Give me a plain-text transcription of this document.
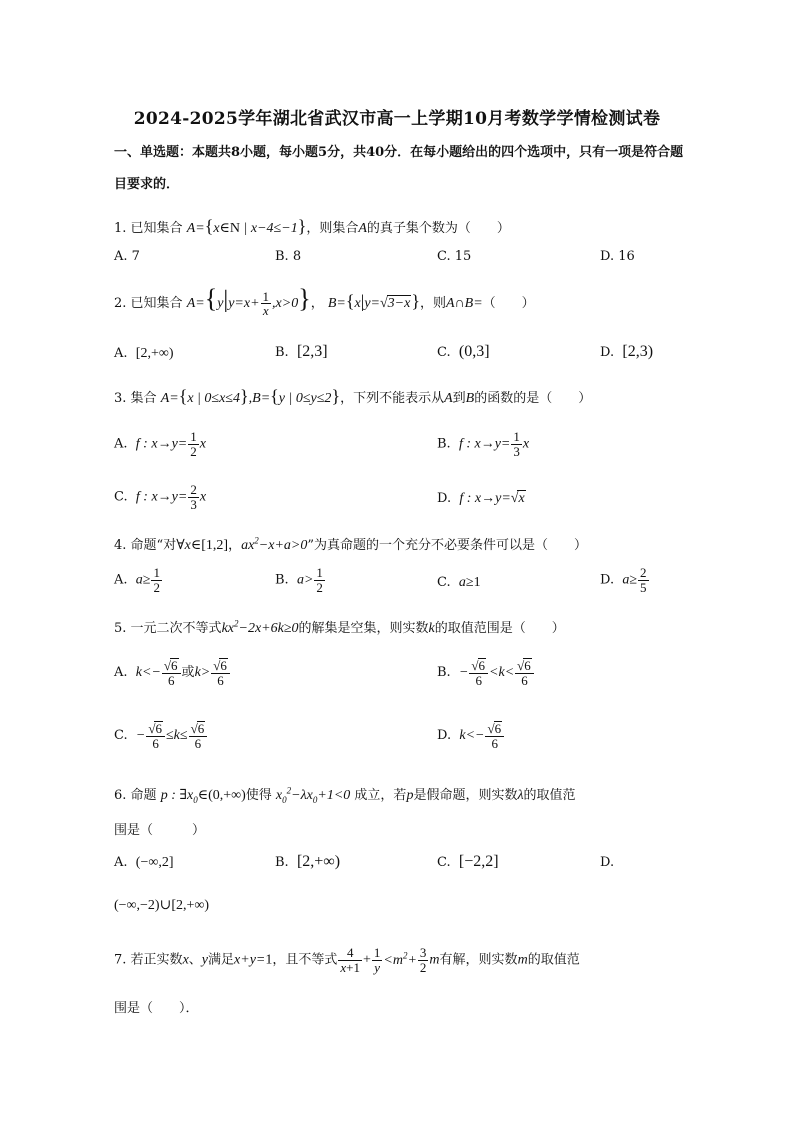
2024-2025学年湖北省武汉市高一上学期10月考数学学情检测试卷
一、单选题：本题共8小题，每小题5分，共40分．在每小题给出的四个选项中，只有一项是符合题目要求的．
1. 已知集合 A={x∈N | x−4≤−1}，则集合A的真子集个数为（　　）
A. 7	B. 8	C. 15	D. 16
2. 已知集合 $A=\{y|y=x+ \frac{1}{x} ,x>0\}$， B={x|y=√3−x}，则A∩B=（　　）
A. [2,+∞)	B. [2,3]	C. (0,3]	D. [2,3)
3. 集合 A={x | 0≤x≤4},B={y | 0≤y≤2}，下列不能表示从A到B的函数的是（　　）
A. f : $x\to y= \frac{1}{2}$ x	B. f : $x\to y= \frac{1}{3}$ x
C. f : $x\to y= \frac{2}{3}$ x	D. f : x→y=√x
4. 命题“对∀x∈[1,2]，$ax^2-x+a>0$”为真命题的一个充分不必要条件可以是（　　）
A. $a\ge \frac{1}{2}$	B. $a> \frac{1}{2}$	C. a≥1	D. $a\ge \frac{2}{5}$
5. 一元二次不等式$kx^2-2x+6k\ge 0$的解集是空集，则实数k的取值范围是（　　）
A. $k<- \frac{√6}{6}$ 或$k> \frac{√6}{6}$	B. − $\frac{√6}{6} <k< \frac{√6}{6}$
C. − $\frac{√6}{6} \le k\le \frac{√6}{6}$	D. $k<- \frac{√6}{6}$
6. 命题 p : $\exists x_0\in(0,+\infty)$使得 $x_0^2-\lambda x_0+1<0$ 成立，若p是假命题，则实数λ的取值范
围是（　　　）
A. (−∞,2]	B. [2,+∞)	C. [−2,2]	D.
(−∞,−2)∪[2,+∞)
7. 若正实数x、y满足x+y=1，且不等式 $\frac{4}{x+1} + \frac{1}{y} <m^2+ \frac{3}{2}$ m有解，则实数m的取值范
围是（　　）．
